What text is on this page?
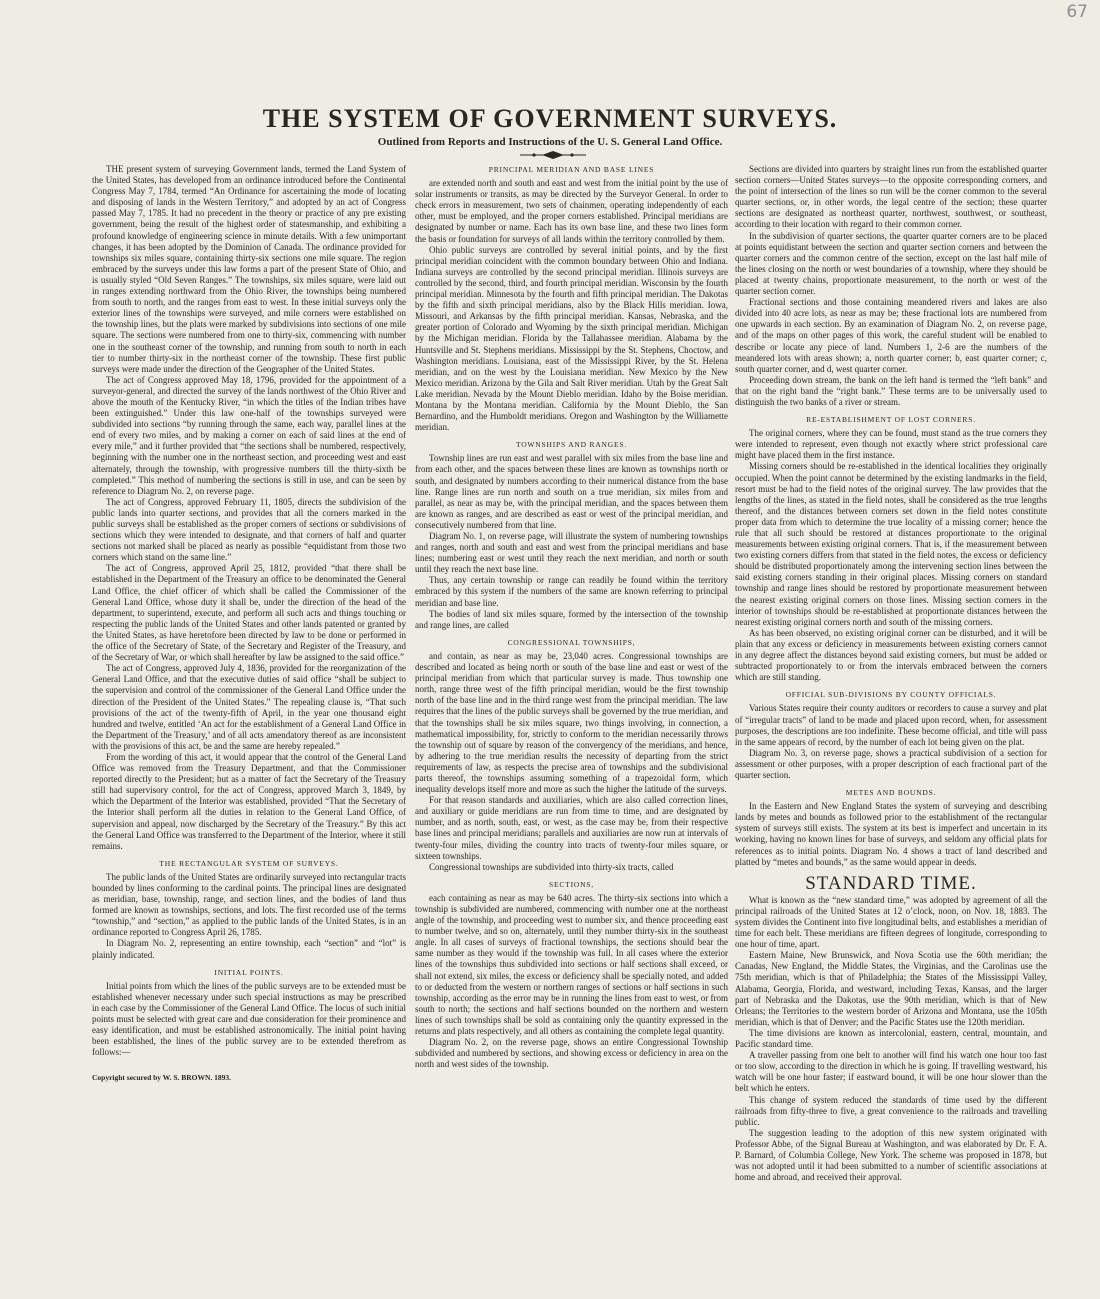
67
THE SYSTEM OF GOVERNMENT SURVEYS.
Outlined from Reports and Instructions of the U. S. General Land Office.

THE present system of surveying Government lands, termed the Land System of the United States, has developed from an ordinance introduced before the Continental Congress May 7, 1784, termed “An Ordinance for ascertaining the mode of locating and disposing of lands in the Western Territory,” and adopted by an act of Congress passed May 7, 1785. It had no precedent in the theory or practice of any pre existing government, being the result of the highest order of statesmanship, and exhibiting a profound knowledge of engineering science in minute details. With a few unimportant changes, it has been adopted by the Dominion of Canada. The ordinance provided for townships six miles square, containing thirty-six sections one mile square. The region embraced by the surveys under this law forms a part of the present State of Ohio, and is usually styled “Old Seven Ranges.” The townships, six miles square, were laid out in ranges extending northward from the Ohio River, the townships being numbered from south to north, and the ranges from east to west. In these initial surveys only the exterior lines of the townships were surveyed, and mile corners were established on the township lines, but the plats were marked by subdivisions into sections of one mile square. The sections were numbered from one to thirty-six, commencing with number one in the southeast corner of the township, and running from south to north in each tier to number thirty-six in the northeast corner of the township. These first public surveys were made under the direction of the Geographer of the United States.

The act of Congress approved May 18, 1796, provided for the appointment of a surveyor-general, and directed the survey of the lands northwest of the Ohio River and above the mouth of the Kentucky River, “in which the titles of the Indian tribes have been extinguished.” Under this law one-half of the townships surveyed were subdivided into sections “by running through the same, each way, parallel lines at the end of every two miles, and by making a corner on each of said lines at the end of every mile,” and it further provided that “the sections shall be numbered, respectively, beginning with the number one in the northeast section, and proceeding west and east alternately, through the township, with progressive numbers till the thirty-sixth be completed.” This method of numbering the sections is still in use, and can be seen by reference to Diagram No. 2, on reverse page.

The act of Congress, approved February 11, 1805, directs the subdivision of the public lands into quarter sections, and provides that all the corners marked in the public surveys shall be established as the proper corners of sections or subdivisions of sections which they were intended to designate, and that corners of half and quarter sections not marked shall be placed as nearly as possible “equidistant from those two corners which stand on the same line.”

The act of Congress, approved April 25, 1812, provided “that there shall be established in the Department of the Treasury an office to be denominated the General Land Office, the chief officer of which shall be called the Commissioner of the General Land Office, whose duty it shall be, under the direction of the head of the department, to superintend, execute, and perform all such acts and things touching or respecting the public lands of the United States and other lands patented or granted by the United States, as have heretofore been directed by law to be done or performed in the office of the Secretary of State, of the Secretary and Register of the Treasury, and of the Secretary of War, or which shall hereafter by law be assigned to the said office.”

The act of Congress, approved July 4, 1836, provided for the reorganization of the General Land Office, and that the executive duties of said office “shall be subject to the supervision and control of the commissioner of the General Land Office under the direction of the President of the United States.” The repealing clause is, “That such provisions of the act of the twenty-fifth of April, in the year one thousand eight hundred and twelve, entitled ‘An act for the establishment of a General Land Office in the Department of the Treasury,’ and of all acts amendatory thereof as are inconsistent with the provisions of this act, be and the same are hereby repealed.”

From the wording of this act, it would appear that the control of the General Land Office was removed from the Treasury Department, and that the Commissioner reported directly to the President; but as a matter of fact the Secretary of the Treasury still had supervisory control, for the act of Congress, approved March 3, 1849, by which the Department of the Interior was established, provided “That the Secretary of the Interior shall perform all the duties in relation to the General Land Office, of supervision and appeal, now discharged by the Secretary of the Treasury.” By this act the General Land Office was transferred to the Department of the Interior, where it still remains.

THE RECTANGULAR SYSTEM OF SURVEYS.

The public lands of the United States are ordinarily surveyed into rectangular tracts bounded by lines conforming to the cardinal points. The principal lines are designated as meridian, base, township, range, and section lines, and the bodies of land thus formed are known as townships, sections, and lots. The first recorded use of the terms “township,” and “section,” as applied to the public lands of the United States, is in an ordinance reported to Congress April 26, 1785.

In Diagram No. 2, representing an entire township, each “section” and “lot” is plainly indicated.

INITIAL POINTS.

Initial points from which the lines of the public surveys are to be extended must be established whenever necessary under such special instructions as may be prescribed in each case by the Commissioner of the General Land Office. The locus of such initial points must be selected with great care and due consideration for their prominence and easy identification, and must be established astronomically. The initial point having been established, the lines of the public survey are to be extended therefrom as follows:—

Copyright secured by W. S. BROWN. 1893.

PRINCIPAL MERIDIAN AND BASE LINES

are extended north and south and east and west from the initial point by the use of solar instruments or transits, as may be directed by the Surveyor General. In order to check errors in measurement, two sets of chainmen, operating independently of each other, must be employed, and the proper corners established. Principal meridians are designated by number or name. Each has its own base line, and these two lines form the basis or foundation for surveys of all lands within the territory controlled by them.

Ohio public surveys are controlled by several initial points, and by the first principal meridian coincident with the common boundary between Ohio and Indiana. Indiana surveys are controlled by the second principal meridian. Illinois surveys are controlled by the second, third, and fourth principal meridian. Wisconsin by the fourth principal meridian. Minnesota by the fourth and fifth principal meridian. The Dakotas by the fifth and sixth principal meridians, also by the Black Hills meridian. Iowa, Missouri, and Arkansas by the fifth principal meridian. Kansas, Nebraska, and the greater portion of Colorado and Wyoming by the sixth principal meridian. Michigan by the Michigan meridian. Florida by the Tallahassee meridian. Alabama by the Huntsville and St. Stephens meridians. Mississippi by the St. Stephens, Choctow, and Washington meridians. Louisiana, east of the Mississippi River, by the St. Helena meridian, and on the west by the Louisiana meridian. New Mexico by the New Mexico meridian. Arizona by the Gila and Salt River meridian. Utah by the Great Salt Lake meridian. Nevada by the Mount Dieblo meridian. Idaho by the Boise meridian. Montana by the Montana meridian. California by the Mount Dieblo, the San Bernardino, and the Humboldt meridians. Oregon and Washington by the Williamette meridian.

TOWNSHIPS AND RANGES.

Township lines are run east and west parallel with six miles from the base line and from each other, and the spaces between these lines are known as townships north or south, and designated by numbers according to their numerical distance from the base line. Range lines are run north and south on a true meridian, six miles from and parallel, as near as may be, with the principal meridian, and the spaces between them are known as ranges, and are described as east or west of the principal meridian, and consecutively numbered from that line.

Diagram No. 1, on reverse page, will illustrate the system of numbering townships and ranges, north and south and east and west from the principal meridians and base lines; numbering east or west until they reach the next meridian, and north or south until they reach the next base line.

Thus, any certain township or range can readily be found within the territory embraced by this system if the numbers of the same are known referring to principal meridian and base line.

The bodies of land six miles square, formed by the intersection of the township and range lines, are called

CONGRESSIONAL TOWNSHIPS,

and contain, as near as may be, 23,040 acres. Congressional townships are described and located as being north or south of the base line and east or west of the principal meridian from which that particular survey is made. Thus township one north, range three west of the fifth principal meridian, would be the first township north of the base line and in the third range west from the principal meridian. The law requires that the lines of the public surveys shall be governed by the true meridian, and that the townships shall be six miles square, two things involving, in connection, a mathematical impossibility, for, strictly to conform to the meridian necessarily throws the township out of square by reason of the convergency of the meridians, and hence, by adhering to the true meridian results the necessity of departing from the strict requirements of law, as respects the precise area of townships and the subdivisional parts thereof, the townships assuming something of a trapezoidal form, which inequality develops itself more and more as such the higher the latitude of the surveys.

For that reason standards and auxiliaries, which are also called correction lines, and auxiliary or guide meridians are run from time to time, and are designated by number, and as north, south, east, or west, as the case may be, from their respective base lines and principal meridians; parallels and auxiliaries are now run at intervals of twenty-four miles, dividing the country into tracts of twenty-four miles square, or sixteen townships.

Congressional townships are subdivided into thirty-six tracts, called

SECTIONS,

each containing as near as may be 640 acres. The thirty-six sections into which a township is subdivided are numbered, commencing with number one at the northeast angle of the township, and proceeding west to number six, and thence proceeding east to number twelve, and so on, alternately, until they number thirty-six in the southeast angle. In all cases of surveys of fractional townships, the sections should bear the same number as they would if the township was full. In all cases where the exterior lines of the townships thus subdivided into sections or half sections shall exceed, or shall not extend, six miles, the excess or deficiency shall be specially noted, and added to or deducted from the western or northern ranges of sections or half sections in such township, according as the error may be in running the lines from east to west, or from south to north; the sections and half sections bounded on the northern and western lines of such townships shall be sold as containing only the quantity expressed in the returns and plats respectively, and all others as containing the complete legal quantity.

Diagram No. 2, on the reverse page, shows an entire Congressional Township subdivided and numbered by sections, and showing excess or deficiency in area on the north and west sides of the township.

Sections are divided into quarters by straight lines run from the established quarter section corners—United States surveys—to the opposite corresponding corners, and the point of intersection of the lines so run will be the corner common to the several quarter sections, or, in other words, the legal centre of the section; these quarter sections are designated as northeast quarter, northwest, southwest, or southeast, according to their location with regard to their common corner.

In the subdivision of quarter sections, the quarter quarter corners are to be placed at points equidistant between the section and quarter section corners and between the quarter corners and the common centre of the section, except on the last half mile of the lines closing on the north or west boundaries of a township, where they should be placed at twenty chains, proportionate measurement, to the north or west of the quarter section corner.

Fractional sections and those containing meandered rivers and lakes are also divided into 40 acre lots, as near as may be; these fractional lots are numbered from one upwards in each section. By an examination of Diagram No. 2, on reverse page, and of the maps on other pages of this work, the careful student will be enabled to describe or locate any piece of land. Numbers 1, 2-6 are the numbers of the meandered lots with areas shown; a, north quarter corner; b, east quarter corner; c, south quarter corner, and d, west quarter corner.

Proceeding down stream, the bank on the left hand is termed the “left bank” and that on the right band the “right bank.” These terms are to be universally used to distinguish the two banks of a river or stream.

RE-ESTABLISHMENT OF LOST CORNERS.

The original corners, where they can be found, must stand as the true corners they were intended to represent, even though not exactly where strict professional care might have placed them in the first instance.

Missing corners should be re-established in the identical localities they originally occupied. When the point cannot be determined by the existing landmarks in the field, resort must be had to the field notes of the original survey. The law provides that the lengths of the lines, as stated in the field notes, shall be considered as the true lengths thereof, and the distances between corners set down in the field notes constitute proper data from which to determine the true locality of a missing corner; hence the rule that all such should be restored at distances proportionate to the original measurements between existing original corners. That is, if the measurement between two existing corners differs from that stated in the field notes, the excess or deficiency should be distributed proportionately among the intervening section lines between the said existing corners standing in their original places. Missing corners on standard township and range lines should be restored by proportionate measurement between the nearest existing original corners on those lines. Missing section corners in the interior of townships should be re-established at proportionate distances between the nearest existing original corners north and south of the missing corners.

As has been observed, no existing original corner can be disturbed, and it will be plain that any excess or deficiency in measurements between existing corners cannot in any degree affect the distances beyond said existing corners, but must be added or subtracted proportionately to or from the intervals embraced between the corners which are still standing.

OFFICIAL SUB-DIVISIONS BY COUNTY OFFICIALS.

Various States require their county auditors or recorders to cause a survey and plat of “irregular tracts” of land to be made and placed upon record, when, for assessment purposes, the descriptions are too indefinite. These become official, and title will pass in the same appears of record, by the number of each lot being given on the plat.

Diagram No. 3, on reverse page, shows a practical subdivision of a section for assessment or other purposes, with a proper description of each fractional part of the quarter section.

METES AND BOUNDS.

In the Eastern and New England States the system of surveying and describing lands by metes and bounds as followed prior to the establishment of the rectangular system of surveys still exists. The system at its best is imperfect and uncertain in its working, having no known lines for base of surveys, and seldom any official plats for references as to initial points. Diagram No. 4 shows a tract of land described and platted by “metes and bounds,” as the same would appear in deeds.

STANDARD TIME.

What is known as the “new standard time,” was adopted by agreement of all the principal railroads of the United States at 12 o’clock, noon, on Nov. 18, 1883. The system divides the Continent into five longitudinal belts, and establishes a meridian of time for each belt. These meridians are fifteen degrees of longitude, corresponding to one hour of time, apart.

Eastern Maine, New Brunswick, and Nova Scotia use the 60th meridian; the Canadas, New England, the Middle States, the Virginias, and the Carolinas use the 75th meridian, which is that of Philadelphia; the States of the Mississippi Valley, Alabama, Georgia, Florida, and westward, including Texas, Kansas, and the larger part of Nebraska and the Dakotas, use the 90th meridian, which is that of New Orleans; the Territories to the western border of Arizona and Montana, use the 105th meridian, which is that of Denver; and the Pacific States use the 120th meridian.

The time divisions are known as intercolonial, eastern, central, mountain, and Pacific standard time.

A traveller passing from one belt to another will find his watch one hour too fast or too slow, according to the direction in which he is going. If travelling westward, his watch will be one hour faster; if eastward bound, it will be one hour slower than the belt which he enters.

This change of system reduced the standards of time used by the different railroads from fifty-three to five, a great convenience to the railroads and travelling public.

The suggestion leading to the adoption of this new system originated with Professor Abbe, of the Signal Bureau at Washington, and was elaborated by Dr. F. A. P. Barnard, of Columbia College, New York. The scheme was proposed in 1878, but was not adopted until it had been submitted to a number of scientific associations at home and abroad, and received their approval.
